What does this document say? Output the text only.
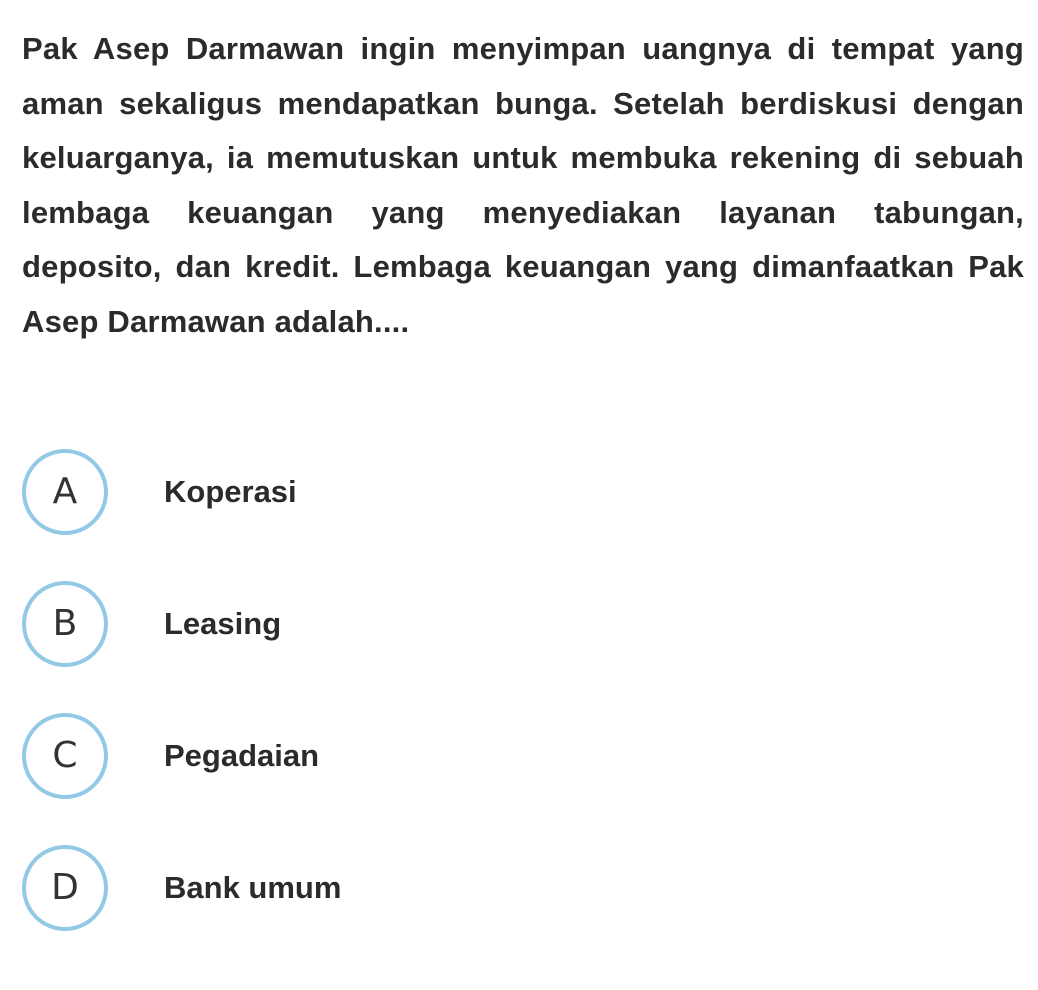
Pak Asep Darmawan ingin menyimpan uangnya di tempat yang aman sekaligus mendapatkan bunga. Setelah berdiskusi dengan keluarganya, ia memutuskan untuk membuka rekening di sebuah lembaga keuangan yang menyediakan layanan tabungan, deposito, dan kredit. Lembaga keuangan yang dimanfaatkan Pak Asep Darmawan adalah....

A	Koperasi
B	Leasing
C	Pegadaian
D	Bank umum
